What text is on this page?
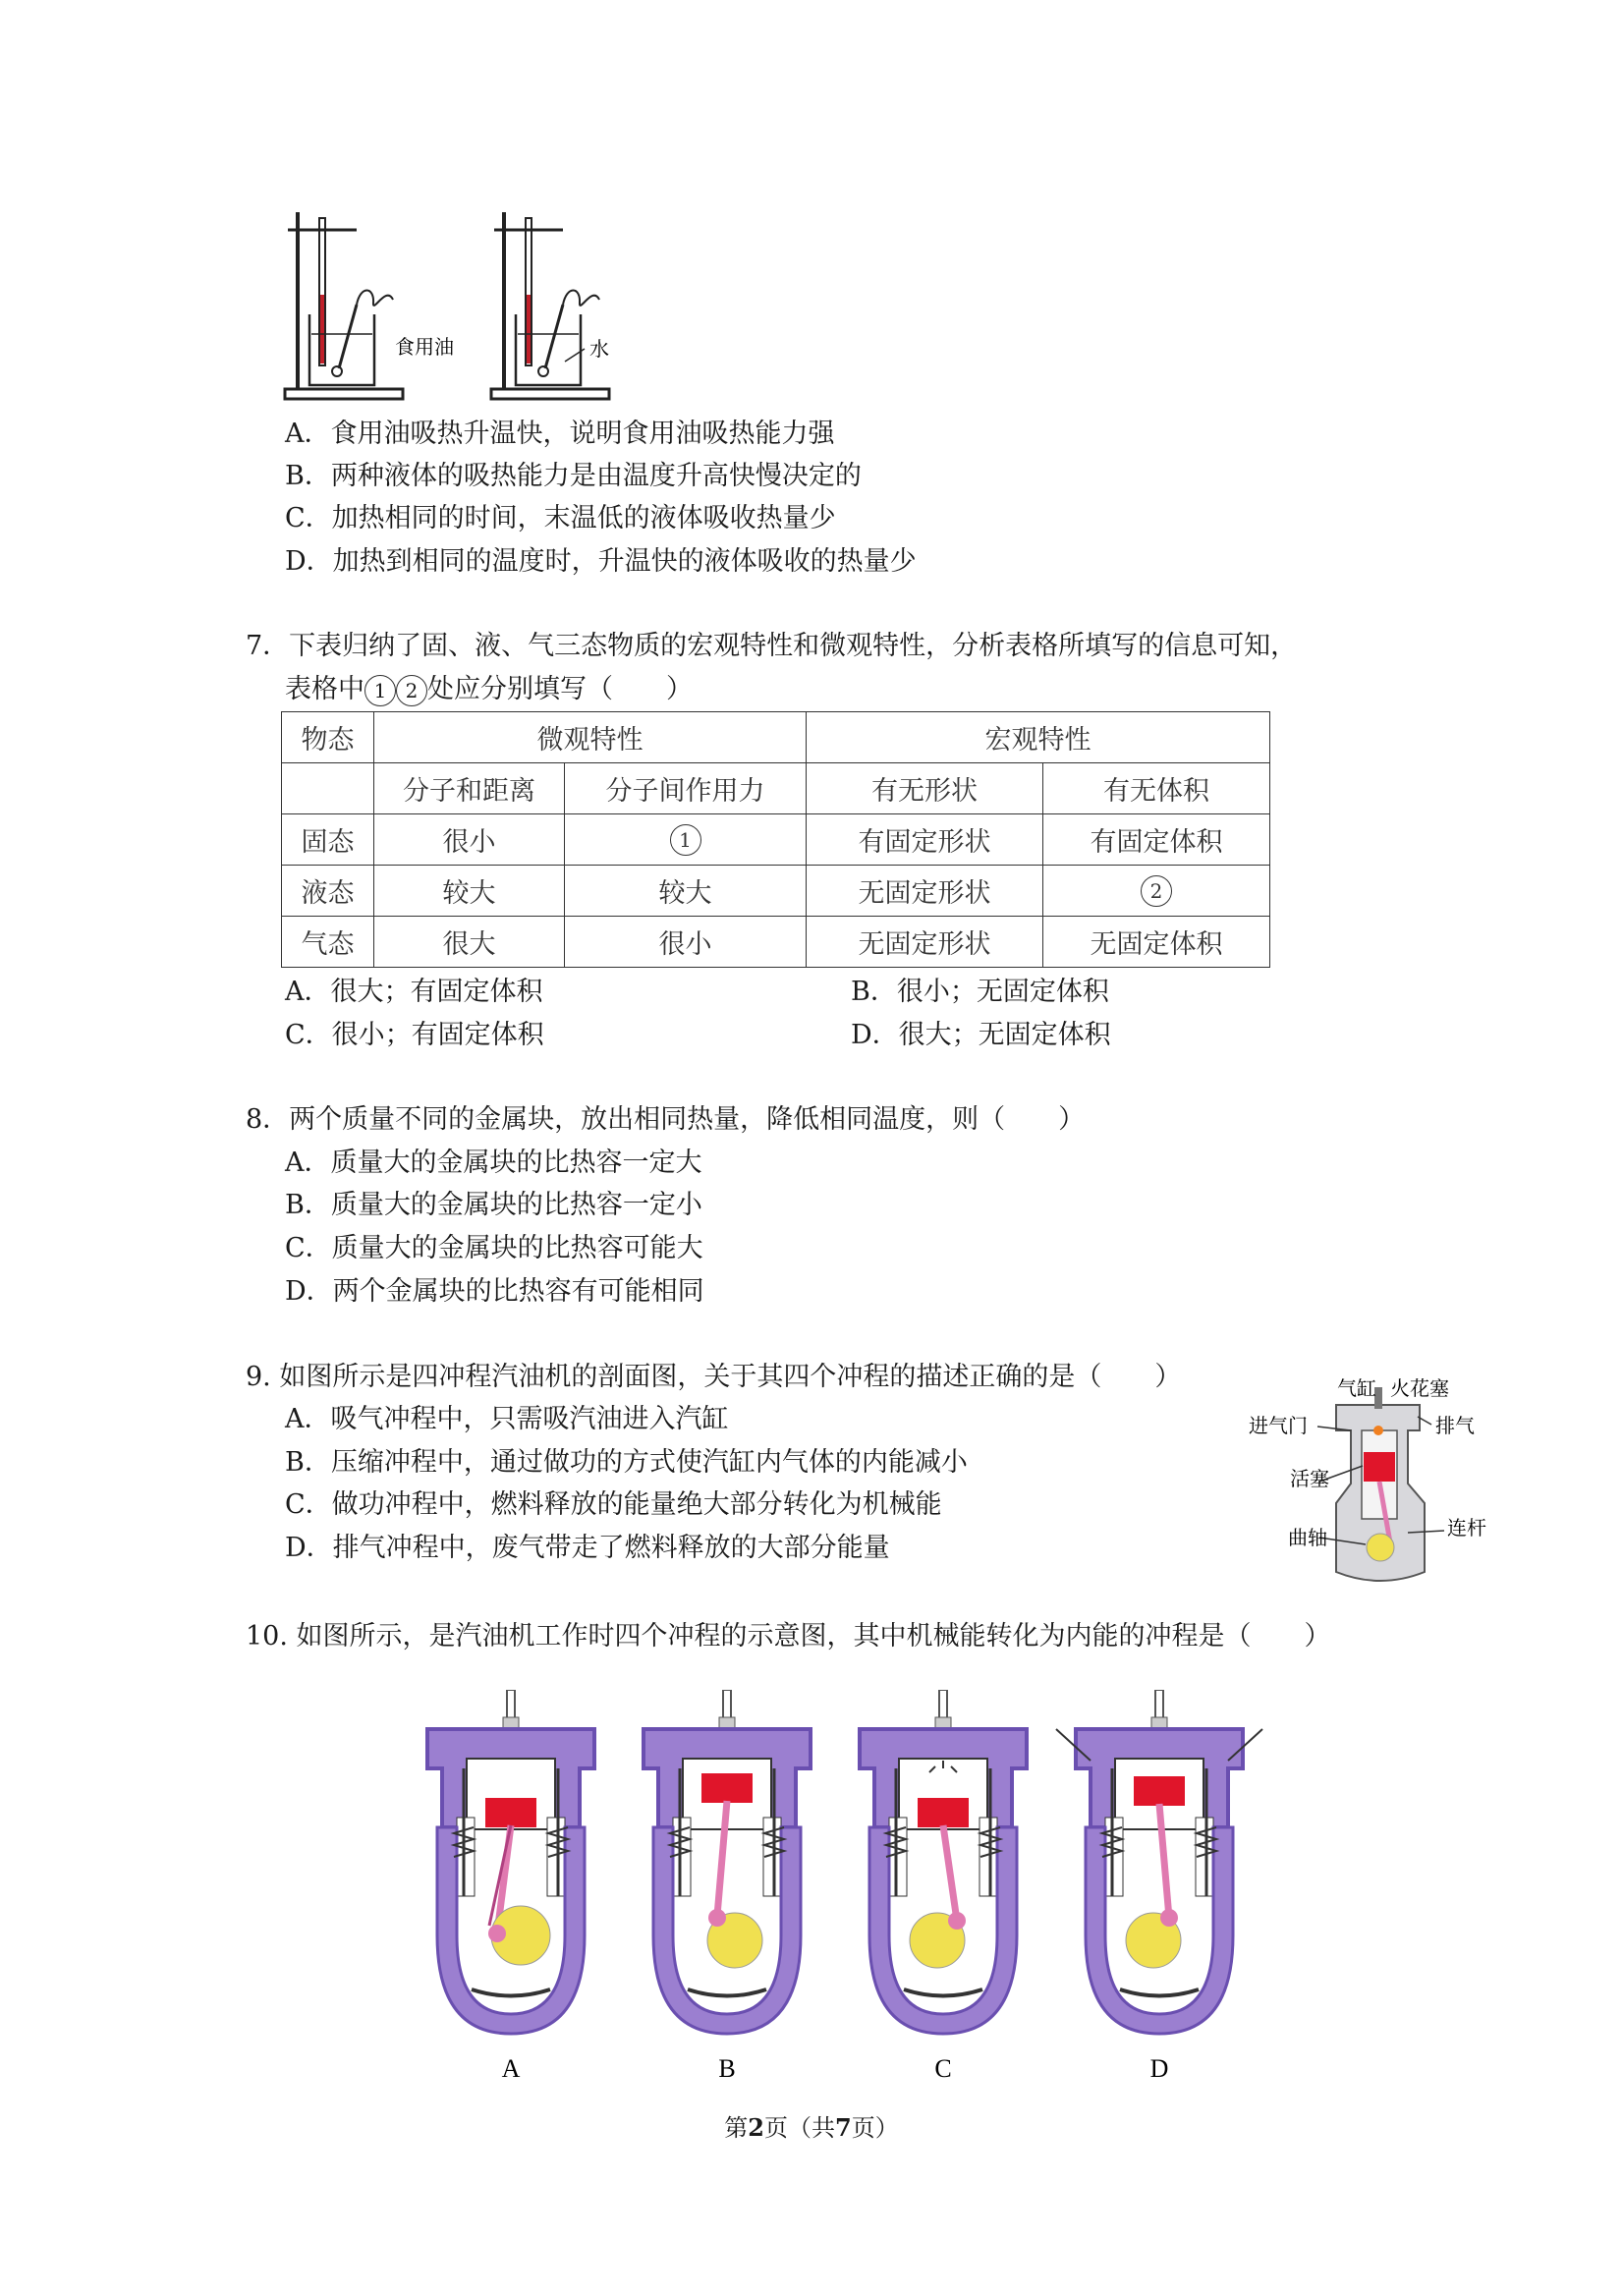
食用油	水
A．食用油吸热升温快，说明食用油吸热能力强
B．两种液体的吸热能力是由温度升高快慢决定的
C．加热相同的时间，末温低的液体吸收热量少
D．加热到相同的温度时，升温快的液体吸收的热量少
7．下表归纳了固、液、气三态物质的宏观特性和微观特性，分析表格所填写的信息可知，
表格中 1 2 处应分别填写（　　）
物态	微观特性		宏观特性	
	分子和距离	分子间作用力	有无形状	有无体积
固态	很小	1	有固定形状	有固定体积
液态	较大	较大	无固定形状	2
气态	很大	很小	无固定形状	无固定体积
A．很大；有固定体积	B．很小；无固定体积
C．很小；有固定体积	D．很大；无固定体积
8．两个质量不同的金属块，放出相同热量，降低相同温度，则（　　）
A．质量大的金属块的比热容一定大
B．质量大的金属块的比热容一定小
C．质量大的金属块的比热容可能大
D．两个金属块的比热容有可能相同
9. 如图所示是四冲程汽油机的剖面图，关于其四个冲程的描述正确的是（　　）
A．吸气冲程中，只需吸汽油进入汽缸
B．压缩冲程中，通过做功的方式使汽缸内气体的内能减小
C．做功冲程中，燃料释放的能量绝大部分转化为机械能
D．排气冲程中，废气带走了燃料释放的大部分能量
气缸 火花塞
进气门	排气
活塞
连杆
曲轴
10. 如图所示，是汽油机工作时四个冲程的示意图，其中机械能转化为内能的冲程是（　　）
A	B	C	D
第2页（共7页）
